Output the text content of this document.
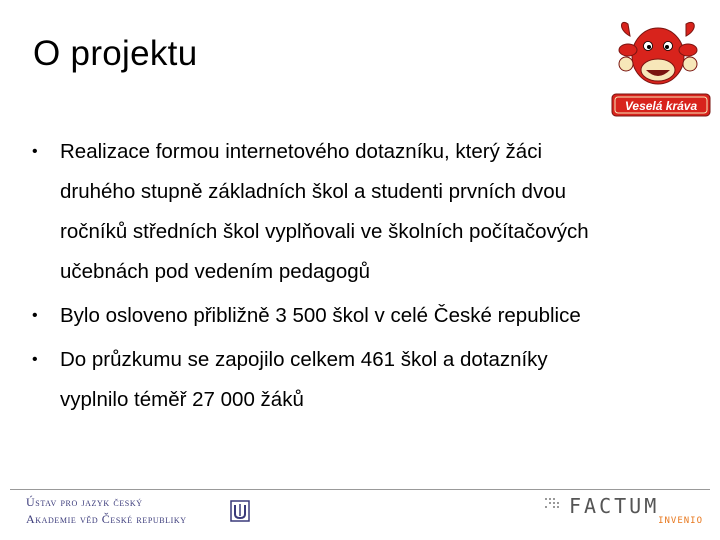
O projektu
Veselá kráva
• Realizace formou internetového dotazníku, který žáci
druhého stupně základních škol a studenti prvních dvou
ročníků středních škol vyplňovali ve školních počítačových
učebnách pod vedením pedagogů
• Bylo osloveno přibližně 3 500 škol v celé České republice
• Do průzkumu se zapojilo celkem 461 škol a dotazníky
vyplnilo téměř 27 000 žáků
Ústav pro jazyk český
Akademie věd České republiky
FACTUM
INVENIO
